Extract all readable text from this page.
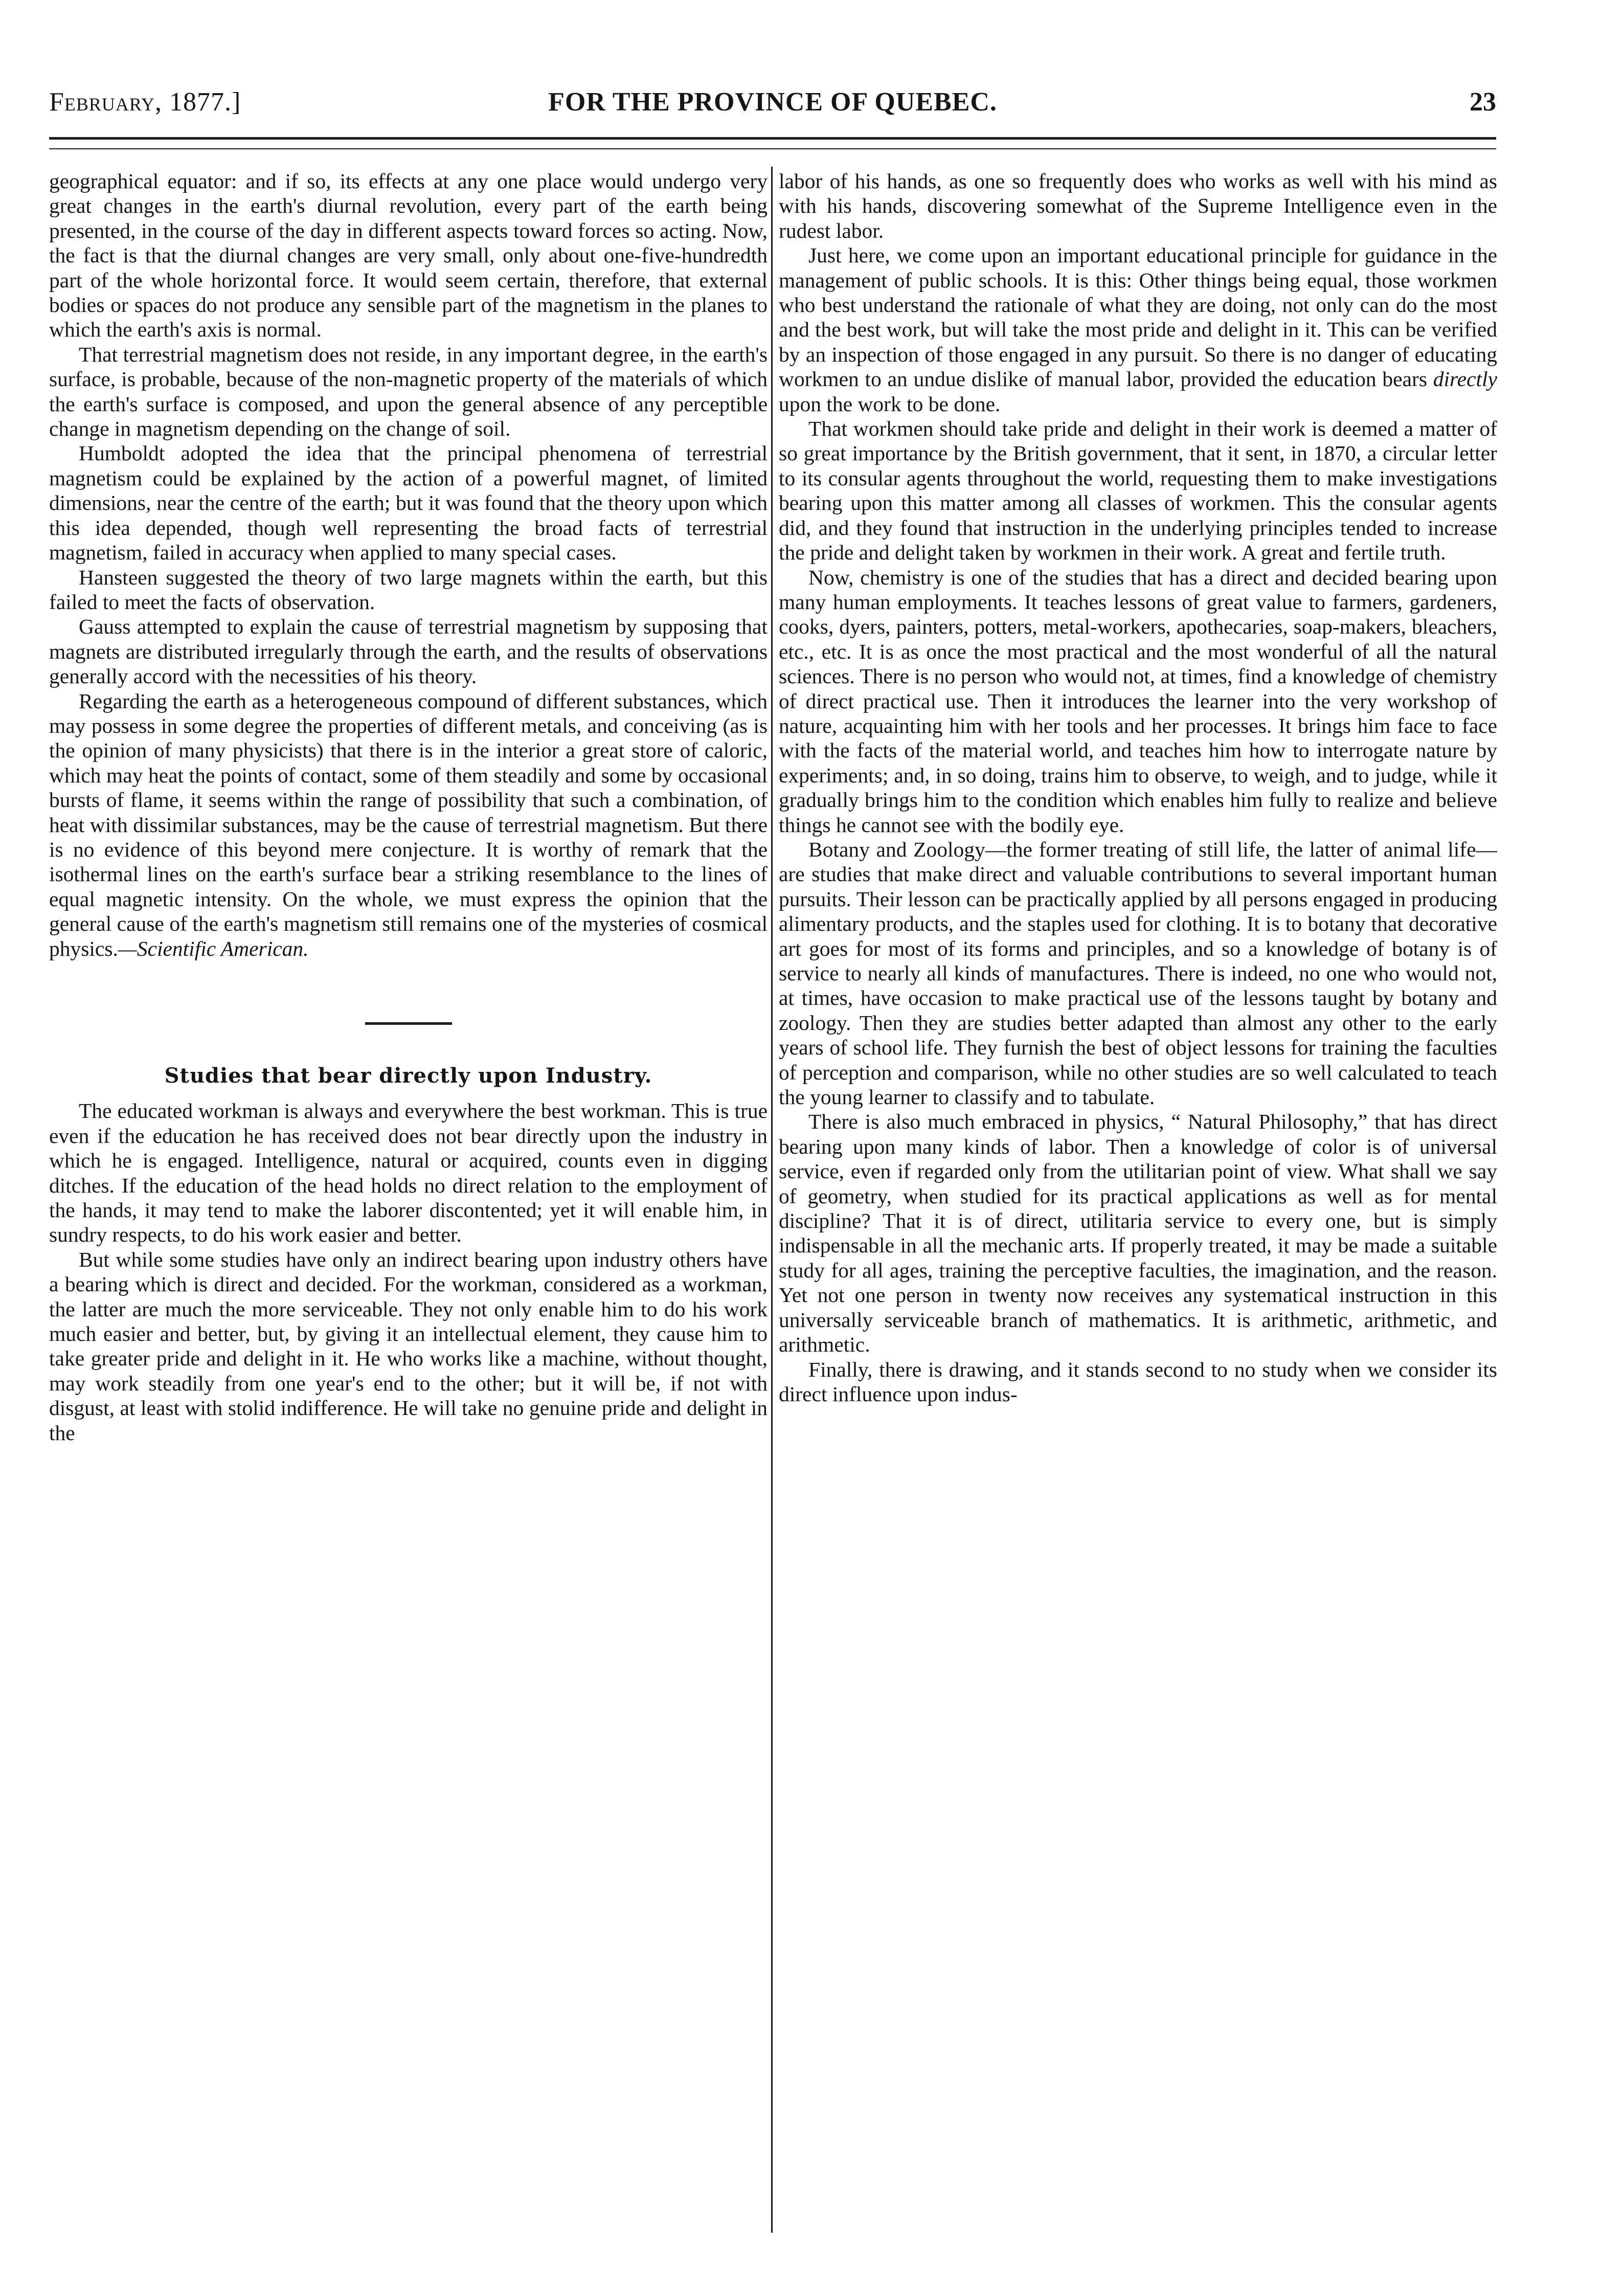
February, 1877.]	FOR THE PROVINCE OF QUEBEC.	23

geographical equator: and if so, its effects at any one place would undergo very great changes in the earth's diurnal revolution, every part of the earth being presented, in the course of the day in different aspects toward forces so acting. Now, the fact is that the diurnal changes are very small, only about one-five-hundredth part of the whole horizontal force. It would seem certain, therefore, that external bodies or spaces do not produce any sensible part of the magnetism in the planes to which the earth's axis is normal.

That terrestrial magnetism does not reside, in any important degree, in the earth's surface, is probable, because of the non-magnetic property of the materials of which the earth's surface is composed, and upon the general absence of any perceptible change in magnetism depending on the change of soil.

Humboldt adopted the idea that the principal phenomena of terrestrial magnetism could be explained by the action of a powerful magnet, of limited dimensions, near the centre of the earth; but it was found that the theory upon which this idea depended, though well representing the broad facts of terrestrial magnetism, failed in accuracy when applied to many special cases.

Hansteen suggested the theory of two large magnets within the earth, but this failed to meet the facts of observation.

Gauss attempted to explain the cause of terrestrial magnetism by supposing that magnets are distributed irregularly through the earth, and the results of observations generally accord with the necessities of his theory.

Regarding the earth as a heterogeneous compound of different substances, which may possess in some degree the properties of different metals, and conceiving (as is the opinion of many physicists) that there is in the interior a great store of caloric, which may heat the points of contact, some of them steadily and some by occasional bursts of flame, it seems within the range of possibility that such a combination, of heat with dissimilar substances, may be the cause of terrestrial magnetism. But there is no evidence of this beyond mere conjecture. It is worthy of remark that the isothermal lines on the earth's surface bear a striking resemblance to the lines of equal magnetic intensity. On the whole, we must express the opinion that the general cause of the earth's magnetism still remains one of the mysteries of cosmical physics.—Scientific American.

Studies that bear directly upon Industry.

The educated workman is always and everywhere the best workman. This is true even if the education he has received does not bear directly upon the industry in which he is engaged. Intelligence, natural or acquired, counts even in digging ditches. If the education of the head holds no direct relation to the employment of the hands, it may tend to make the laborer discontented; yet it will enable him, in sundry respects, to do his work easier and better.

But while some studies have only an indirect bearing upon industry others have a bearing which is direct and decided. For the workman, considered as a workman, the latter are much the more serviceable. They not only enable him to do his work much easier and better, but, by giving it an intellectual element, they cause him to take greater pride and delight in it. He who works like a machine, without thought, may work steadily from one year's end to the other; but it will be, if not with disgust, at least with stolid indifference. He will take no genuine pride and delight in the

labor of his hands, as one so frequently does who works as well with his mind as with his hands, discovering somewhat of the Supreme Intelligence even in the rudest labor.

Just here, we come upon an important educational principle for guidance in the management of public schools. It is this: Other things being equal, those workmen who best understand the rationale of what they are doing, not only can do the most and the best work, but will take the most pride and delight in it. This can be verified by an inspection of those engaged in any pursuit. So there is no danger of educating workmen to an undue dislike of manual labor, provided the education bears directly upon the work to be done.

That workmen should take pride and delight in their work is deemed a matter of so great importance by the British government, that it sent, in 1870, a circular letter to its consular agents throughout the world, requesting them to make investigations bearing upon this matter among all classes of workmen. This the consular agents did, and they found that instruction in the underlying principles tended to increase the pride and delight taken by workmen in their work. A great and fertile truth.

Now, chemistry is one of the studies that has a direct and decided bearing upon many human employments. It teaches lessons of great value to farmers, gardeners, cooks, dyers, painters, potters, metal-workers, apothecaries, soap-makers, bleachers, etc., etc. It is as once the most practical and the most wonderful of all the natural sciences. There is no person who would not, at times, find a knowledge of chemistry of direct practical use. Then it introduces the learner into the very workshop of nature, acquainting him with her tools and her processes. It brings him face to face with the facts of the material world, and teaches him how to interrogate nature by experiments; and, in so doing, trains him to observe, to weigh, and to judge, while it gradually brings him to the condition which enables him fully to realize and believe things he cannot see with the bodily eye.

Botany and Zoology—the former treating of still life, the latter of animal life—are studies that make direct and valuable contributions to several important human pursuits. Their lesson can be practically applied by all persons engaged in producing alimentary products, and the staples used for clothing. It is to botany that decorative art goes for most of its forms and principles, and so a knowledge of botany is of service to nearly all kinds of manufactures. There is indeed, no one who would not, at times, have occasion to make practical use of the lessons taught by botany and zoology. Then they are studies better adapted than almost any other to the early years of school life. They furnish the best of object lessons for training the faculties of perception and comparison, while no other studies are so well calculated to teach the young learner to classify and to tabulate.

There is also much embraced in physics, “ Natural Philosophy,” that has direct bearing upon many kinds of labor. Then a knowledge of color is of universal service, even if regarded only from the utilitarian point of view. What shall we say of geometry, when studied for its practical applications as well as for mental discipline? That it is of direct, utilitaria service to every one, but is simply indispensable in all the mechanic arts. If properly treated, it may be made a suitable study for all ages, training the perceptive faculties, the imagination, and the reason. Yet not one person in twenty now receives any systematical instruction in this universally serviceable branch of mathematics. It is arithmetic, arithmetic, and arithmetic.

Finally, there is drawing, and it stands second to no study when we consider its direct influence upon indus-
